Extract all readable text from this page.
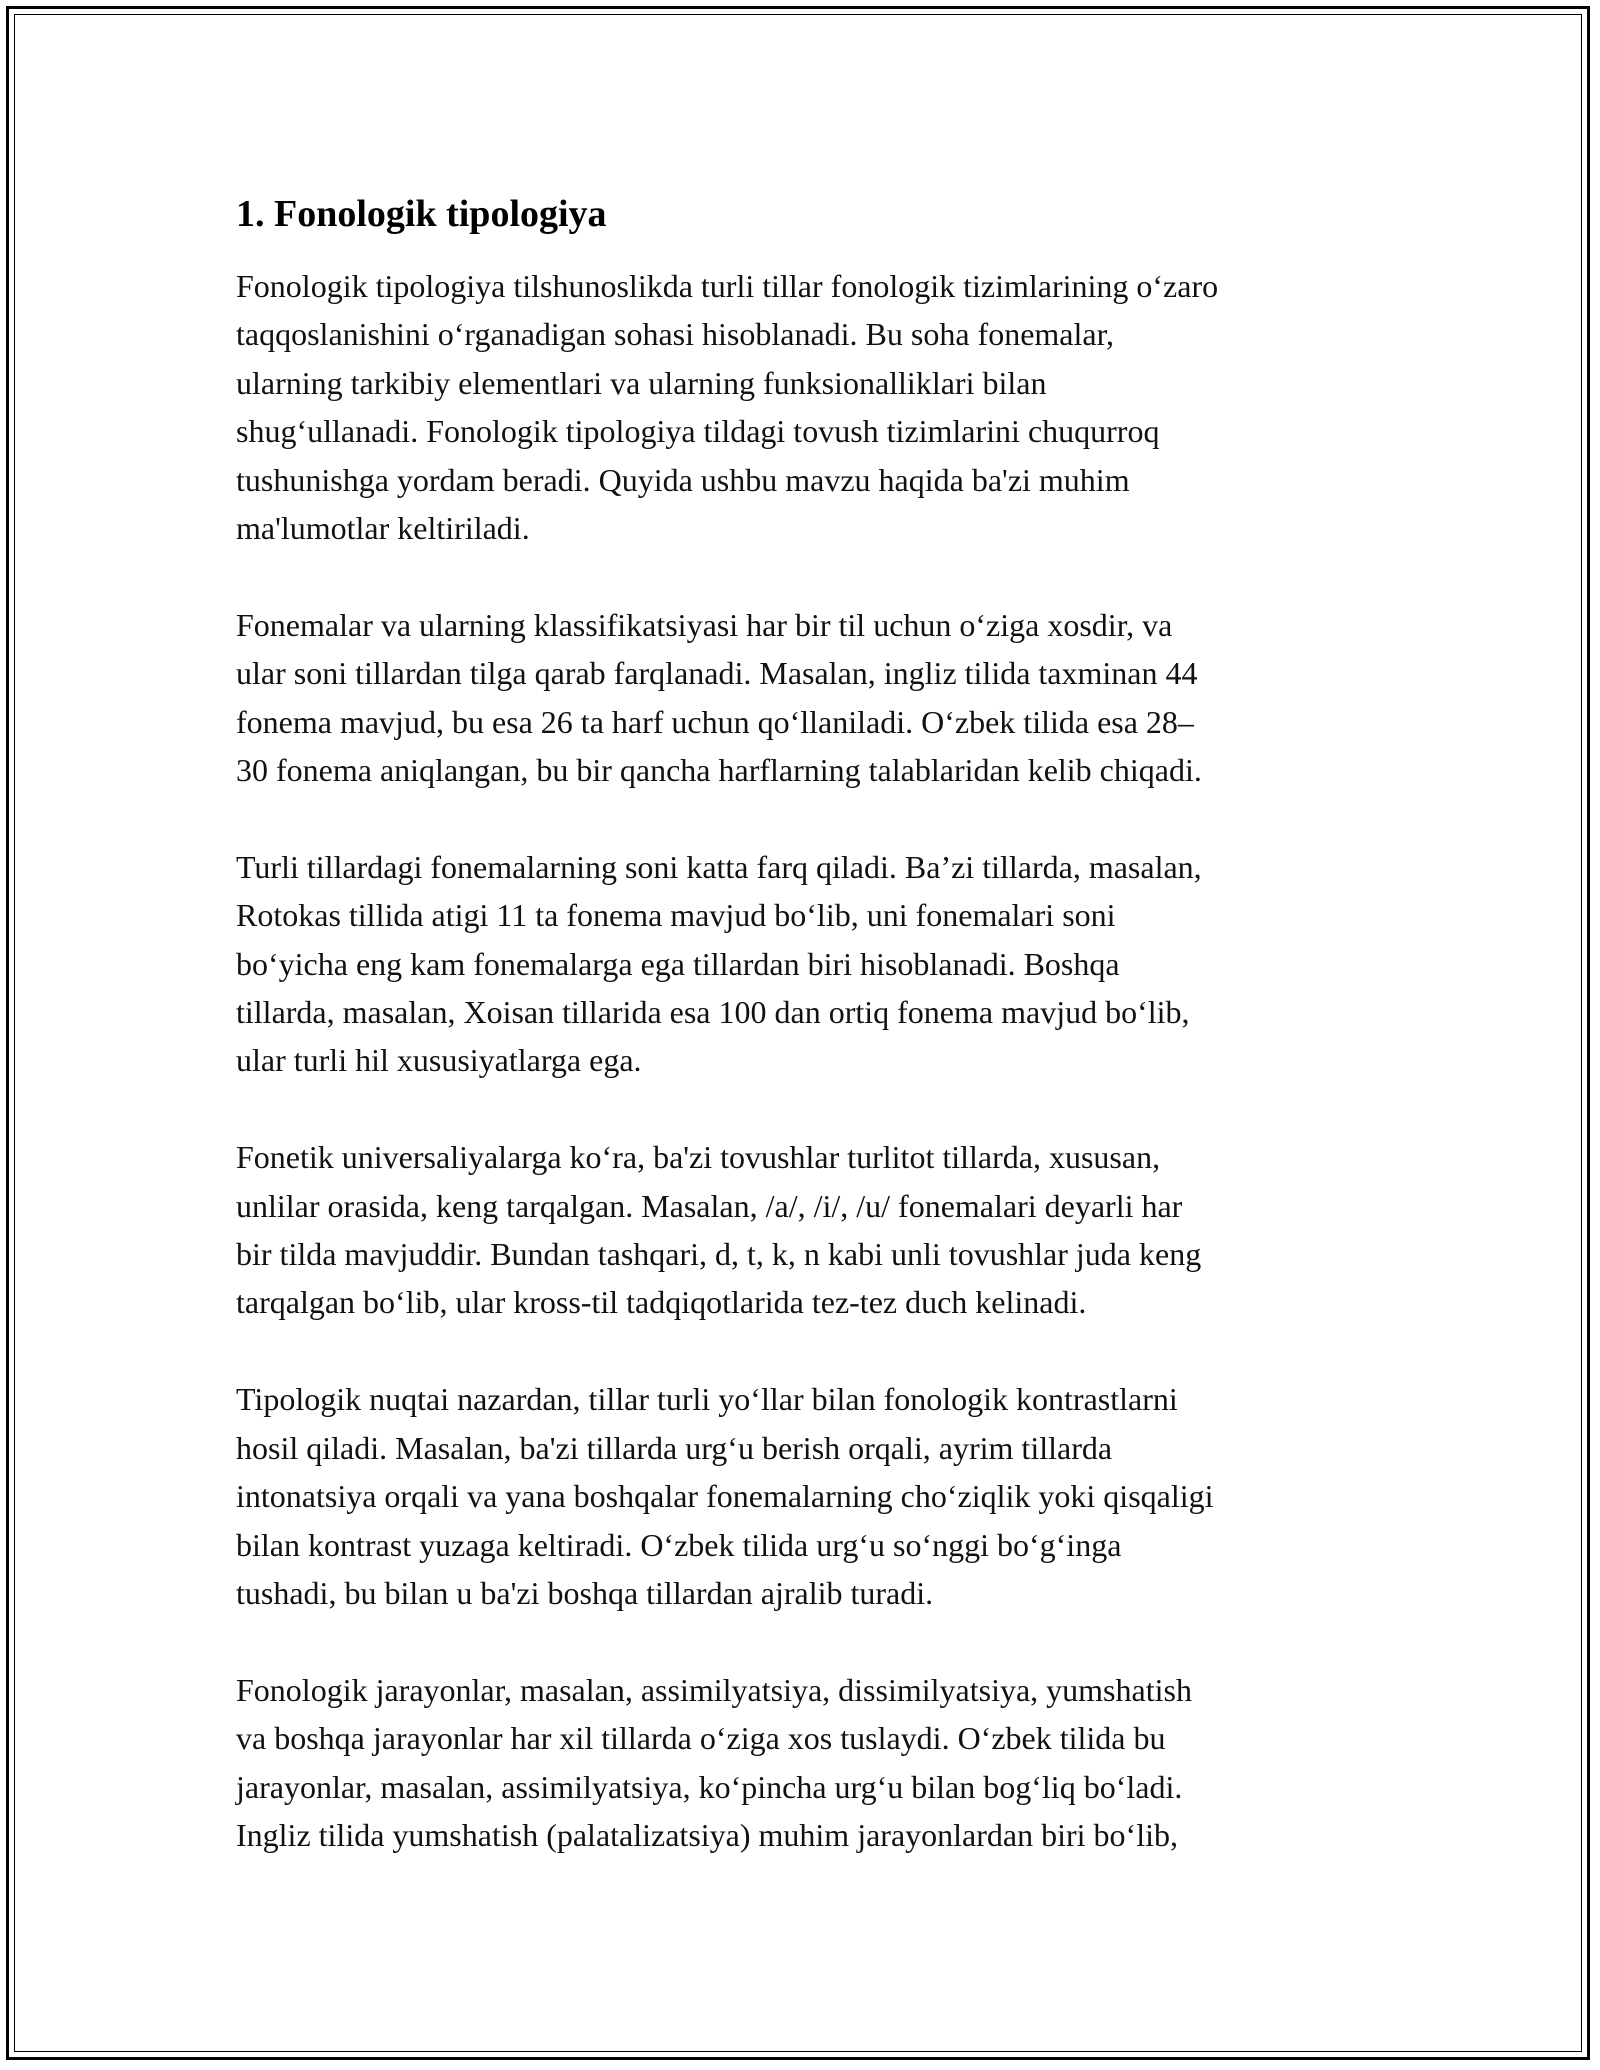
1. Fonologik tipologiya
Fonologik tipologiya tilshunoslikda turli tillar fonologik tizimlarining o‘zaro
taqqoslanishini o‘rganadigan sohasi hisoblanadi. Bu soha fonemalar,
ularning tarkibiy elementlari va ularning funksionalliklari bilan
shug‘ullanadi. Fonologik tipologiya tildagi tovush tizimlarini chuqurroq
tushunishga yordam beradi. Quyida ushbu mavzu haqida ba'zi muhim
ma'lumotlar keltiriladi.
Fonemalar va ularning klassifikatsiyasi har bir til uchun o‘ziga xosdir, va
ular soni tillardan tilga qarab farqlanadi. Masalan, ingliz tilida taxminan 44
fonema mavjud, bu esa 26 ta harf uchun qo‘llaniladi. O‘zbek tilida esa 28–
30 fonema aniqlangan, bu bir qancha harflarning talablaridan kelib chiqadi.
Turli tillardagi fonemalarning soni katta farq qiladi. Ba’zi tillarda, masalan,
Rotokas tillida atigi 11 ta fonema mavjud bo‘lib, uni fonemalari soni
bo‘yicha eng kam fonemalarga ega tillardan biri hisoblanadi. Boshqa
tillarda, masalan, Xoisan tillarida esa 100 dan ortiq fonema mavjud bo‘lib,
ular turli hil xususiyatlarga ega.
Fonetik universaliyalarga ko‘ra, ba'zi tovushlar turlitot tillarda, xususan,
unlilar orasida, keng tarqalgan. Masalan, /a/, /i/, /u/ fonemalari deyarli har
bir tilda mavjuddir. Bundan tashqari, d, t, k, n kabi unli tovushlar juda keng
tarqalgan bo‘lib, ular kross-til tadqiqotlarida tez-tez duch kelinadi.
Tipologik nuqtai nazardan, tillar turli yo‘llar bilan fonologik kontrastlarni
hosil qiladi. Masalan, ba'zi tillarda urg‘u berish orqali, ayrim tillarda
intonatsiya orqali va yana boshqalar fonemalarning cho‘ziqlik yoki qisqaligi
bilan kontrast yuzaga keltiradi. O‘zbek tilida urg‘u so‘nggi bo‘g‘inga
tushadi, bu bilan u ba'zi boshqa tillardan ajralib turadi.
Fonologik jarayonlar, masalan, assimilyatsiya, dissimilyatsiya, yumshatish
va boshqa jarayonlar har xil tillarda o‘ziga xos tuslaydi. O‘zbek tilida bu
jarayonlar, masalan, assimilyatsiya, ko‘pincha urg‘u bilan bog‘liq bo‘ladi.
Ingliz tilida yumshatish (palatalizatsiya) muhim jarayonlardan biri bo‘lib,
